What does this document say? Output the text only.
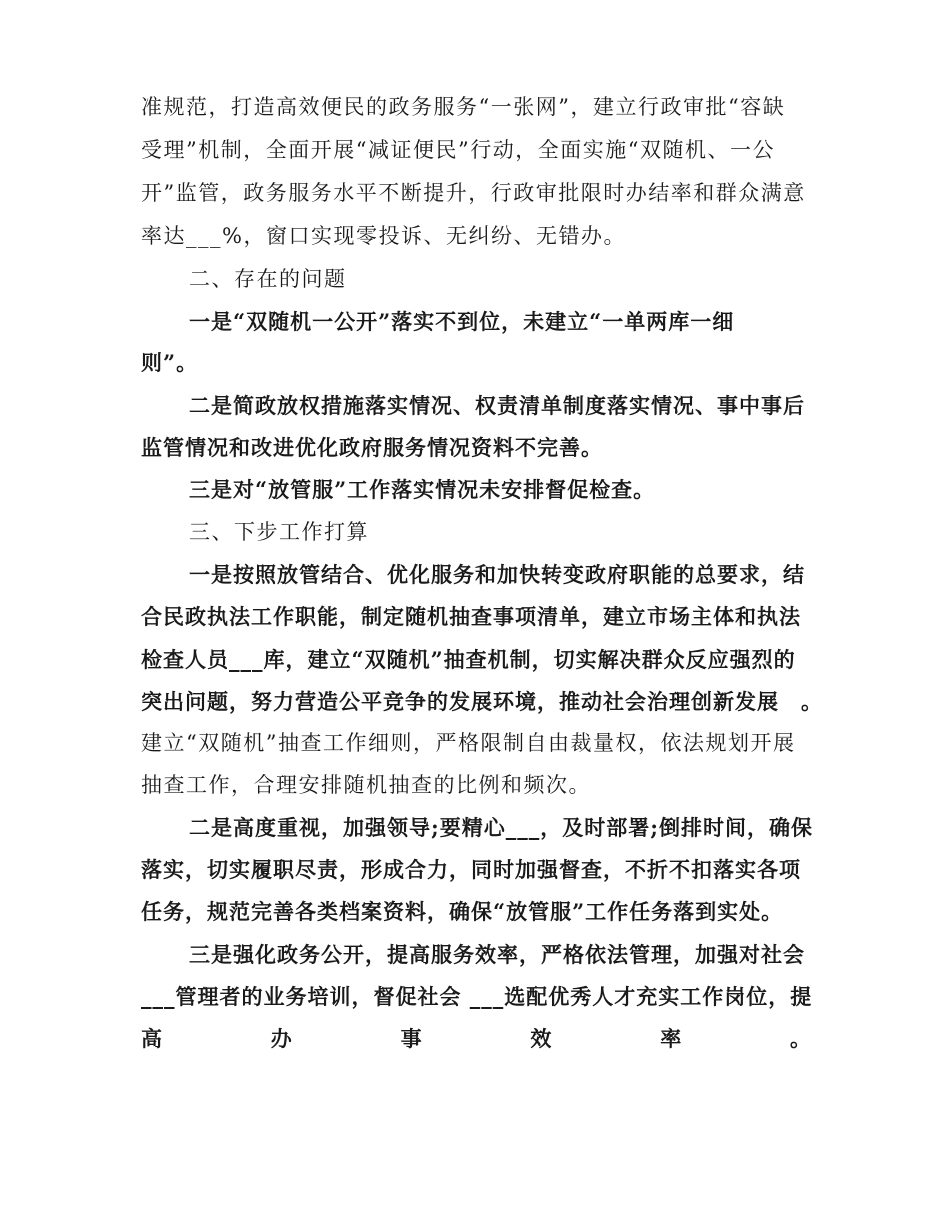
准规范，打造高效便民的政务服务“一张网”，建立行政审批“容缺
受理”机制，全面开展“减证便民”行动，全面实施“双随机、一公
开”监管，政务服务水平不断提升，行政审批限时办结率和群众满意
率达___%，窗口实现零投诉、无纠纷、无错办。
二、存在的问题
一是“双随机一公开”落实不到位，未建立“一单两库一细
则”。
二是简政放权措施落实情况、权责清单制度落实情况、事中事后
监管情况和改进优化政府服务情况资料不完善。
三是对“放管服”工作落实情况未安排督促检查。
三、下步工作打算
一是按照放管结合、优化服务和加快转变政府职能的总要求，结
合民政执法工作职能，制定随机抽查事项清单，建立市场主体和执法
检查人员___库，建立“双随机”抽查机制，切实解决群众反应强烈的
突出问题，努力营造公平竞争的发展环境，推动社会治理创新发展　。
建立“双随机”抽查工作细则，严格限制自由裁量权，依法规划开展
抽查工作，合理安排随机抽查的比例和频次。
二是高度重视，加强领导;要精心___，及时部署;倒排时间，确保
落实，切实履职尽责，形成合力，同时加强督查，不折不扣落实各项
任务，规范完善各类档案资料，确保“放管服”工作任务落到实处。
三是强化政务公开，提高服务效率，严格依法管理，加强对社会
___管理者的业务培训，督促社会 ___选配优秀人才充实工作岗位，提
高	办	事	效	率	。
